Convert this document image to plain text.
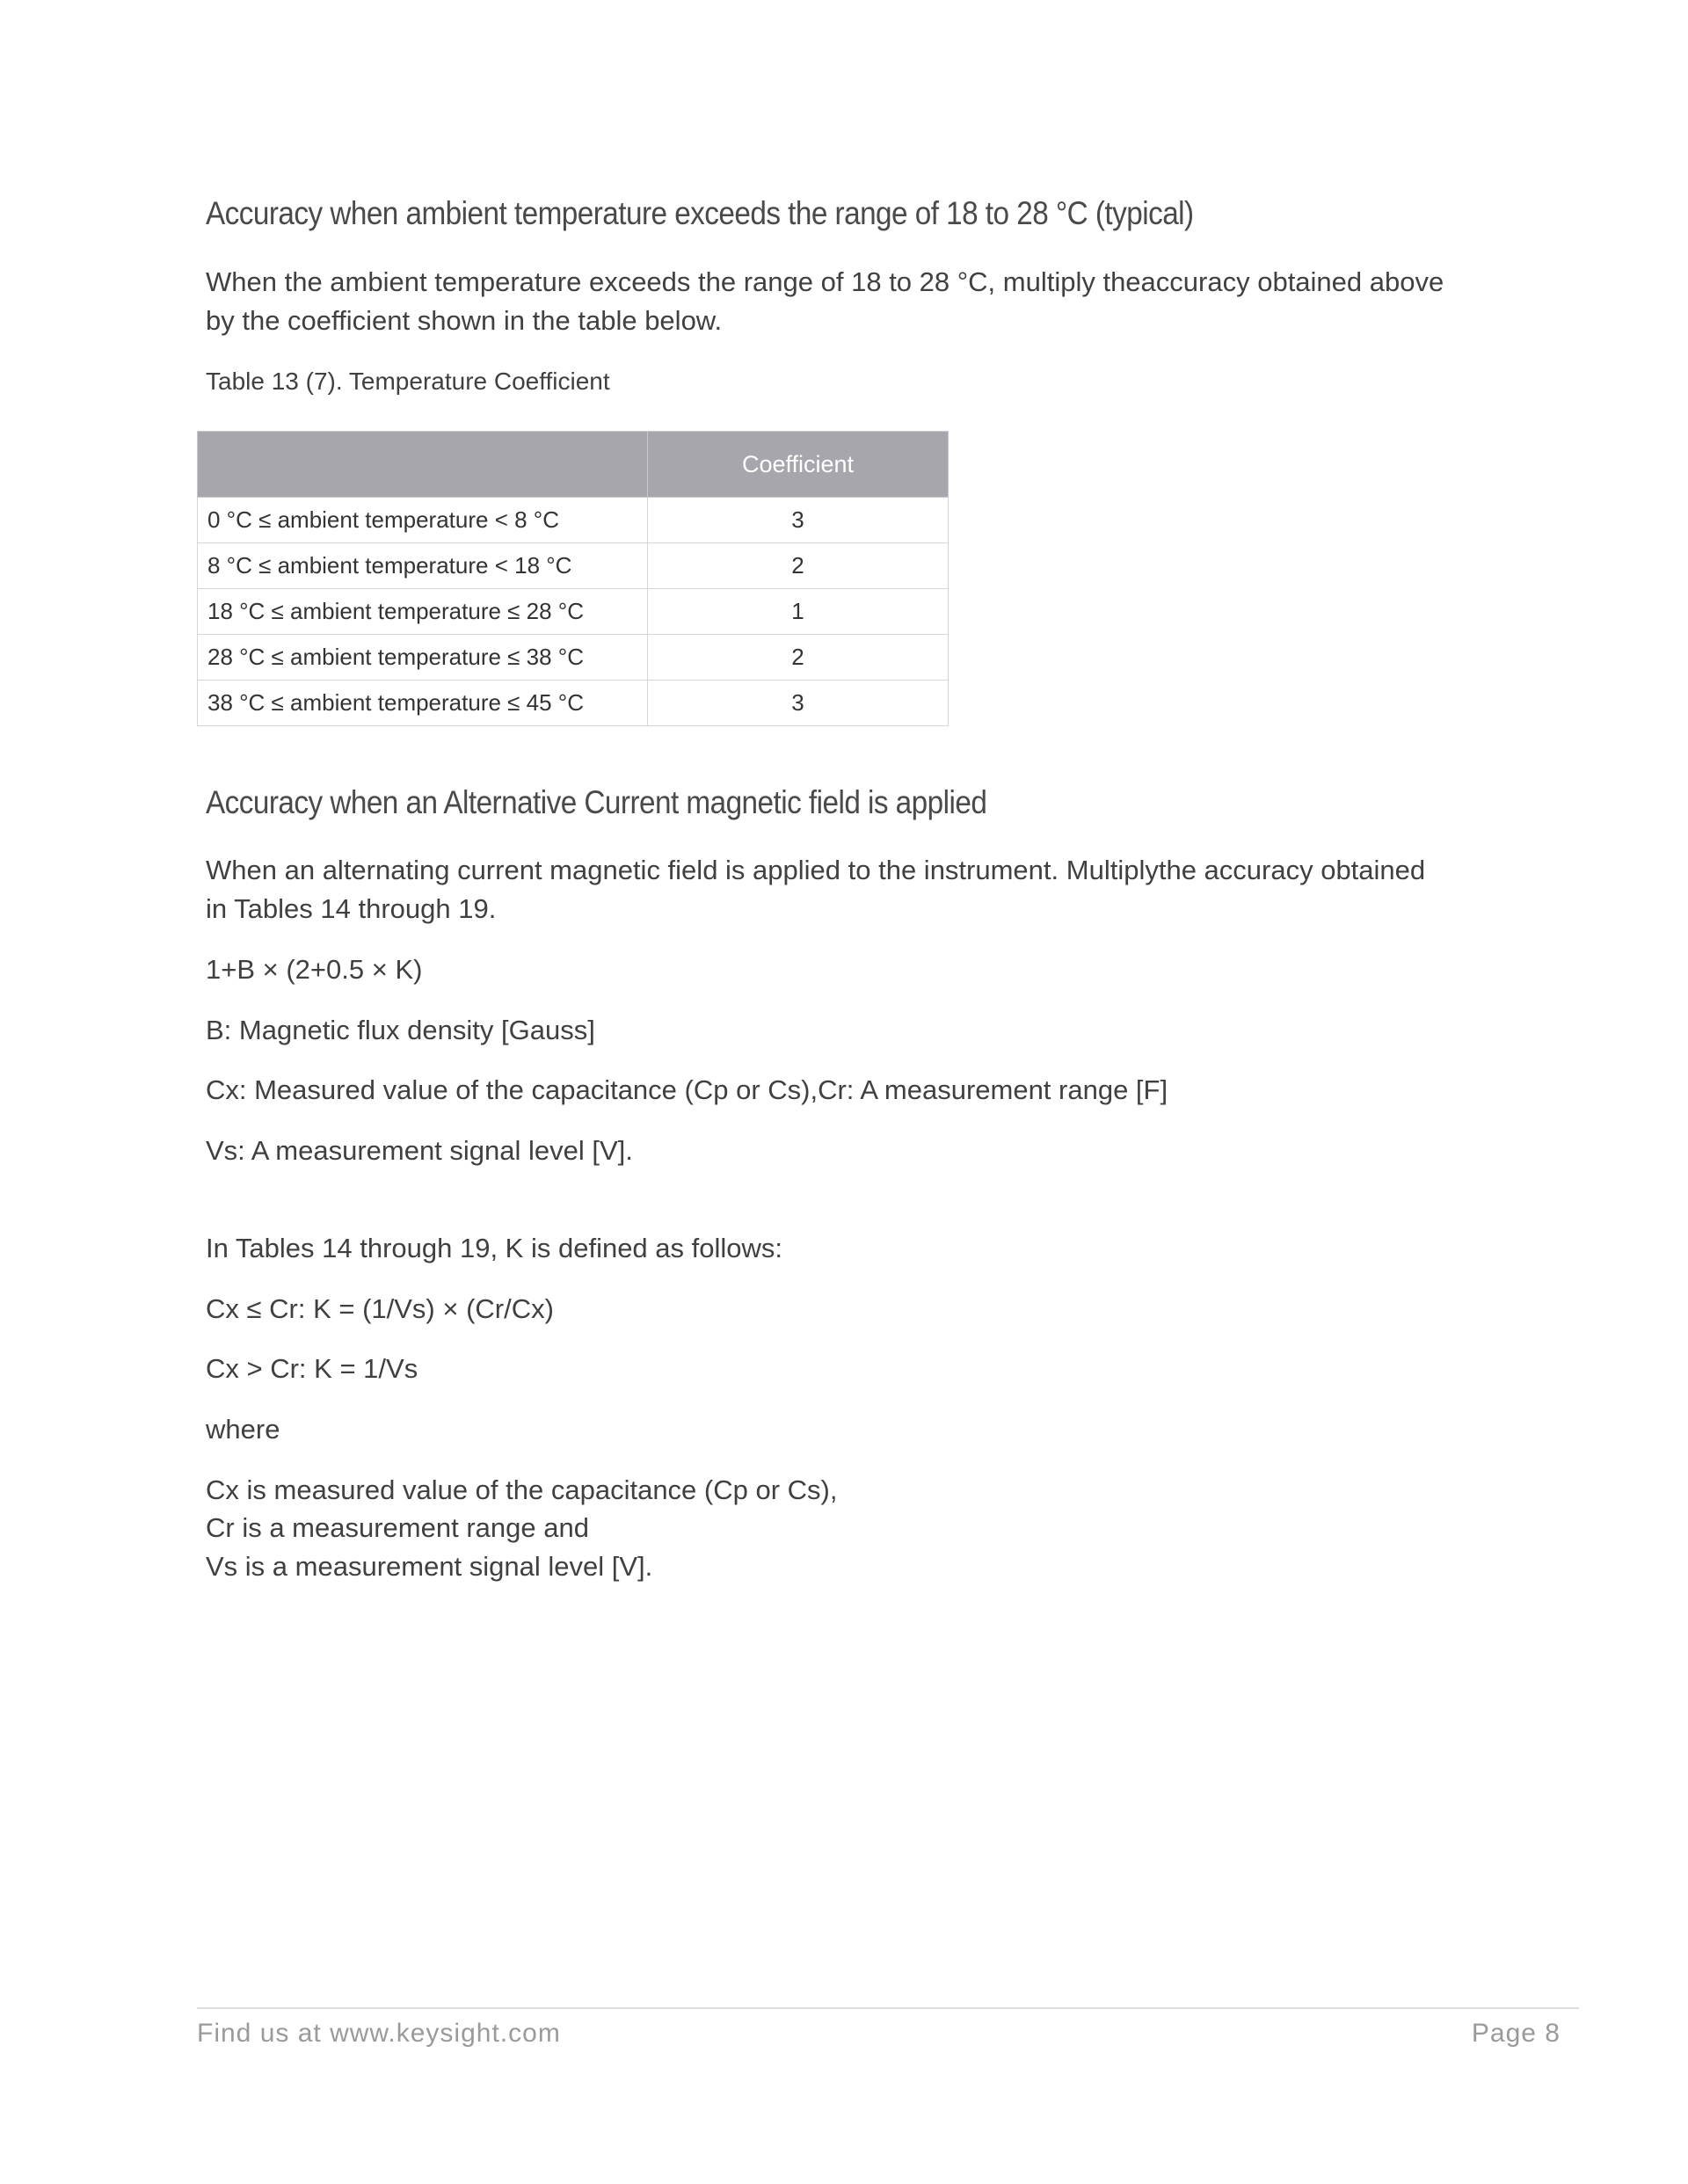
Accuracy when ambient temperature exceeds the range of 18 to 28 °C (typical)

When the ambient temperature exceeds the range of 18 to 28 °C, multiply theaccuracy obtained above

by the coefficient shown in the table below.

Table 13 (7). Temperature Coefficient

	Coefficient
0 °C ≤ ambient temperature < 8 °C	3
8 °C ≤ ambient temperature < 18 °C	2
18 °C ≤ ambient temperature ≤ 28 °C	1
28 °C ≤ ambient temperature ≤ 38 °C	2
38 °C ≤ ambient temperature ≤ 45 °C	3
Accuracy when an Alternative Current magnetic field is applied

When an alternating current magnetic field is applied to the instrument. Multiplythe accuracy obtained

in Tables 14 through 19.

1+B × (2+0.5 × K)

B: Magnetic flux density [Gauss]

Cx: Measured value of the capacitance (Cp or Cs),Cr: A measurement range [F]

Vs: A measurement signal level [V].

In Tables 14 through 19, K is defined as follows:

Cx ≤ Cr: K = (1/Vs) × (Cr/Cx)

Cx > Cr: K = 1/Vs

where

Cx is measured value of the capacitance (Cp or Cs),

Cr is a measurement range and

Vs is a measurement signal level [V].

Find us at www.keysight.com	Page 8
